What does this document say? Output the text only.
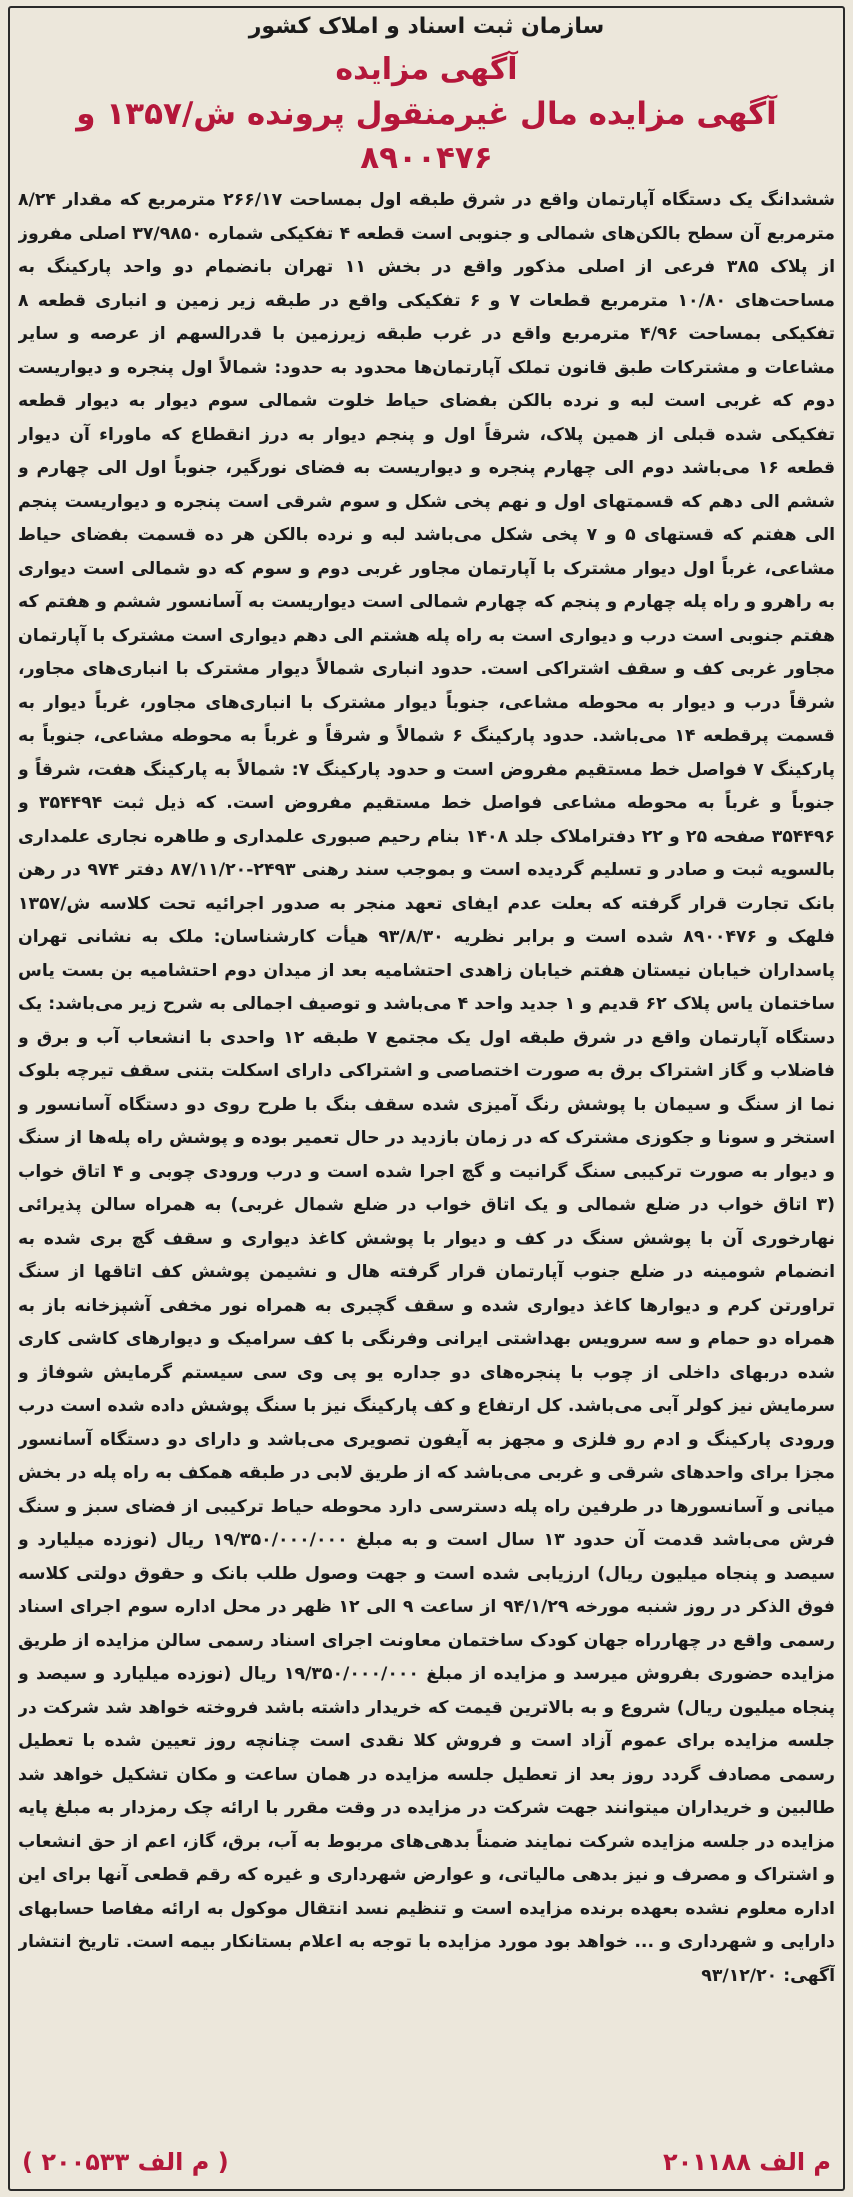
سازمان ثبت اسناد و املاک کشور
آگهی مزایده
آگهی مزایده مال غیرمنقول پرونده ش/۱۳۵۷ و ۸۹۰۰۴۷۶

ششدانگ یک دستگاه آپارتمان واقع در شرق طبقه اول بمساحت ۲۶۶/۱۷ مترمربع که مقدار ۸/۲۴ مترمربع آن سطح بالکن‌های شمالی و جنوبی است قطعه ۴ تفکیکی شماره ۳۷/۹۸۵۰ اصلی مفروز از پلاک ۳۸۵ فرعی از اصلی مذکور واقع در بخش ۱۱ تهران بانضمام دو واحد پارکینگ به مساحت‌های ۱۰/۸۰ مترمربع قطعات ۷ و ۶ تفکیکی واقع در طبقه زیر زمین و انباری قطعه ۸ تفکیکی بمساحت ۴/۹۶ مترمربع واقع در غرب طبقه زیرزمین با قدرالسهم از عرصه و سایر مشاعات و مشترکات طبق قانون تملک آپارتمان‌ها محدود به حدود: شمالاً اول پنجره و دیواریست دوم که غربی است لبه و نرده بالکن بفضای حیاط خلوت شمالی سوم دیوار به دیوار قطعه تفکیکی شده قبلی از همین پلاک، شرقاً اول و پنجم دیوار به درز انقطاع که ماوراء آن دیوار قطعه ۱۶ می‌باشد دوم الی چهارم پنجره و دیواریست به فضای نورگیر، جنوباً اول الی چهارم و ششم الی دهم که قسمتهای اول و نهم پخی شکل و سوم شرقی است پنجره و دیواریست پنجم الی هفتم که قستهای ۵ و ۷ پخی شکل می‌باشد لبه و نرده بالکن هر ده قسمت بفضای حیاط مشاعی، غرباً اول دیوار مشترک با آپارتمان مجاور غربی دوم و سوم که دو شمالی است دیواری به راهرو و راه پله چهارم و پنجم که چهارم شمالی است دیواریست به آسانسور ششم و هفتم که هفتم جنوبی است درب و دیواری است به راه پله هشتم الی دهم دیواری است مشترک با آپارتمان مجاور غربی کف و سقف اشتراکی است. حدود انباری شمالاً دیوار مشترک با انباری‌های مجاور، شرقاً درب و دیوار به محوطه مشاعی، جنوباً دیوار مشترک با انباری‌های مجاور، غرباً دیوار به قسمت پرقطعه ۱۴ می‌باشد. حدود پارکینگ ۶ شمالاً و شرقاً و غرباً به محوطه مشاعی، جنوباً به پارکینگ ۷ فواصل خط مستقیم مفروض است و حدود پارکینگ ۷: شمالاً به پارکینگ هفت، شرقاً و جنوباً و غرباً به محوطه مشاعی فواصل خط مستقیم مفروض است. که ذیل ثبت ۳۵۴۴۹۴ و ۳۵۴۴۹۶ صفحه ۲۵ و ۲۲ دفتراملاک جلد ۱۴۰۸ بنام رحیم صبوری علمداری و طاهره نجاری علمداری بالسویه ثبت و صادر و تسلیم گردیده است و بموجب سند رهنی ۲۴۹۳-۸۷/۱۱/۲۰ دفتر ۹۷۴ در رهن بانک تجارت قرار گرفته که بعلت عدم ایفای تعهد منجر به صدور اجرائیه تحت کلاسه ش/۱۳۵۷ فلهک و ۸۹۰۰۴۷۶ شده است و برابر نظریه ۹۳/۸/۳۰ هیأت کارشناسان: ملک به نشانی تهران پاسداران خیابان نیستان هفتم خیابان زاهدی احتشامیه بعد از میدان دوم احتشامیه بن بست یاس ساختمان یاس پلاک ۶۲ قدیم و ۱ جدید واحد ۴ می‌باشد و توصیف اجمالی به شرح زیر می‌باشد: یک دستگاه آپارتمان واقع در شرق طبقه اول یک مجتمع ۷ طبقه ۱۲ واحدی با انشعاب آب و برق و فاضلاب و گاز اشتراک برق به صورت اختصاصی و اشتراکی دارای اسکلت بتنی سقف تیرچه بلوک نما از سنگ و سیمان با پوشش رنگ آمیزی شده سقف بنگ با طرح روی دو دستگاه آسانسور و استخر و سونا و جکوزی مشترک که در زمان بازدید در حال تعمیر بوده و پوشش راه پله‌ها از سنگ و دیوار به صورت ترکیبی سنگ گرانیت و گچ اجرا شده است و درب ورودی چوبی و ۴ اتاق خواب (۳ اتاق خواب در ضلع شمالی و یک اتاق خواب در ضلع شمال غربی) به همراه سالن پذیرائی نهارخوری آن با پوشش سنگ در کف و دیوار با پوشش کاغذ دیواری و سقف گچ بری شده به انضمام شومینه در ضلع جنوب آپارتمان قرار گرفته هال و نشیمن پوشش کف اتاقها از سنگ تراورتن کرم و دیوارها کاغذ دیواری شده و سقف گچبری به همراه نور مخفی آشپزخانه باز به همراه دو حمام و سه سرویس بهداشتی ایرانی وفرنگی با کف سرامیک و دیوارهای کاشی کاری شده دربهای داخلی از چوب با پنجره‌های دو جداره یو پی وی سی سیستم گرمایش شوفاژ و سرمایش نیز کولر آبی می‌باشد. کل ارتفاع و کف پارکینگ نیز با سنگ پوشش داده شده است درب ورودی پارکینگ و ادم رو فلزی و مجهز به آیفون تصویری می‌باشد و دارای دو دستگاه آسانسور مجزا برای واحدهای شرقی و غربی می‌باشد که از طریق لابی در طبقه همکف به راه پله در بخش میانی و آسانسورها در طرفین راه پله دسترسی دارد محوطه حیاط ترکیبی از فضای سبز و سنگ فرش می‌باشد قدمت آن حدود ۱۳ سال است و به مبلغ ۱۹/۳۵۰/۰۰۰/۰۰۰ ریال (نوزده میلیارد و سیصد و پنجاه میلیون ریال) ارزیابی شده است و جهت وصول طلب بانک و حقوق دولتی کلاسه فوق الذکر در روز شنبه مورخه ۹۴/۱/۲۹ از ساعت ۹ الی ۱۲ ظهر در محل اداره سوم اجرای اسناد رسمی واقع در چهارراه جهان کودک ساختمان معاونت اجرای اسناد رسمی سالن مزایده از طریق مزایده حضوری بفروش میرسد و مزایده از مبلغ ۱۹/۳۵۰/۰۰۰/۰۰۰ ریال (نوزده میلیارد و سیصد و پنجاه میلیون ریال) شروع و به بالاترین قیمت که خریدار داشته باشد فروخته خواهد شد شرکت در جلسه مزایده برای عموم آزاد است و فروش کلا نقدی است چنانچه روز تعیین شده با تعطیل رسمی مصادف گردد روز بعد از تعطیل جلسه مزایده در همان ساعت و مکان تشکیل خواهد شد طالبین و خریداران میتوانند جهت شرکت در مزایده در وقت مقرر با ارائه چک رمزدار به مبلغ پایه مزایده در جلسه مزایده شرکت نمایند ضمناً بدهی‌های مربوط به آب، برق، گاز، اعم از حق انشعاب و اشتراک و مصرف و نیز بدهی مالیاتی، و عوارض شهرداری و غیره که رقم قطعی آنها برای این اداره معلوم نشده بعهده برنده مزایده است و تنظیم نسد انتقال موکول به ارائه مفاصا حسابهای دارایی و شهرداری و ... خواهد بود مورد مزایده با توجه به اعلام بستانکار بیمه است. تاریخ انتشار آگهی: ۹۳/۱۲/۲۰

م الف ۲۰۱۱۸۸
( م الف ۲۰۰۵۳۳ )
